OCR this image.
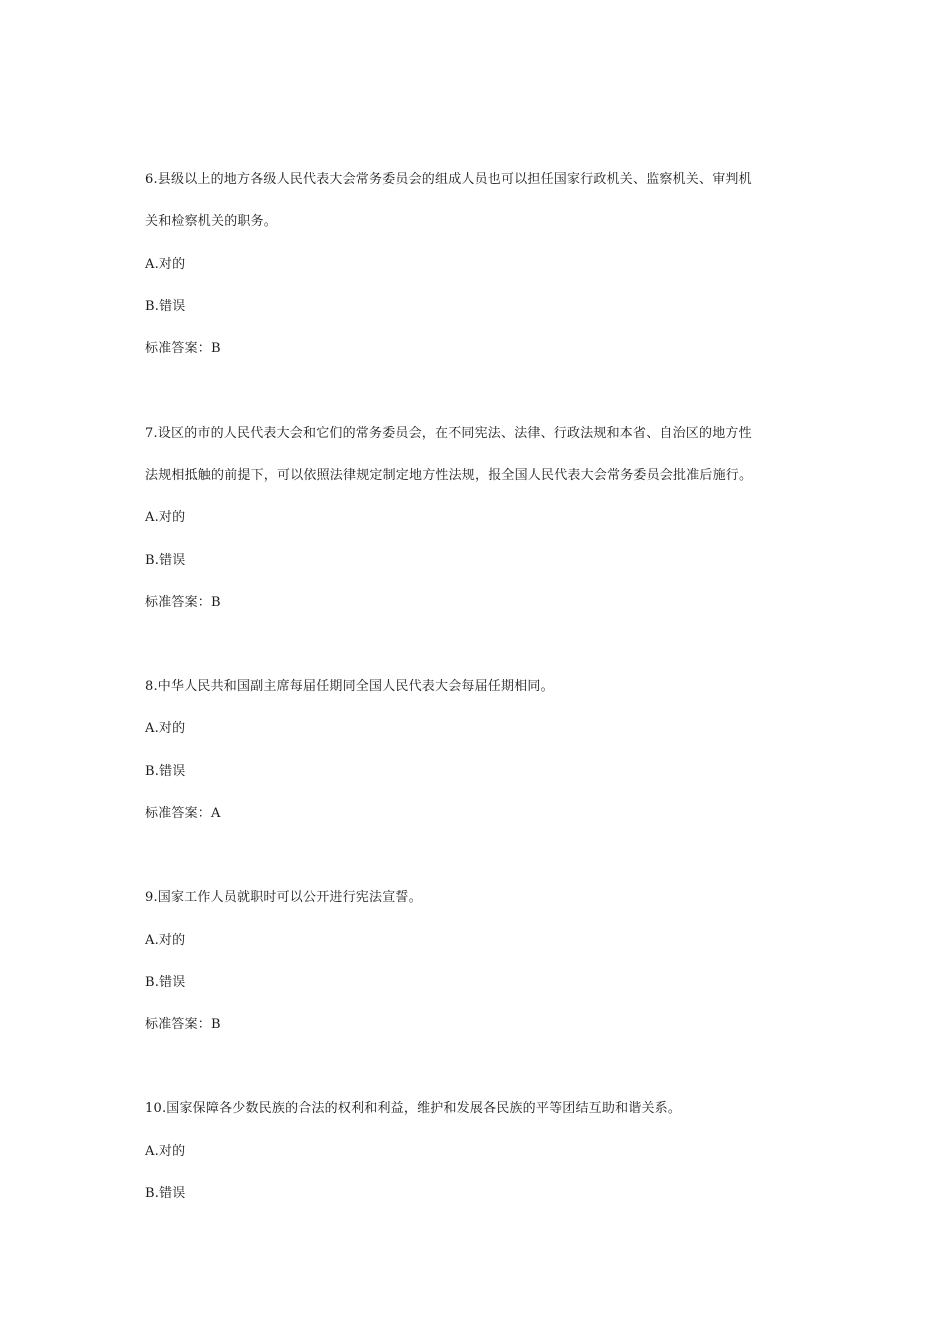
6.县级以上的地方各级人民代表大会常务委员会的组成人员也可以担任国家行政机关、监察机关、审判机
关和检察机关的职务。
A.对的
B.错误
标准答案：B
7.设区的市的人民代表大会和它们的常务委员会，在不同宪法、法律、行政法规和本省、自治区的地方性
法规相抵触的前提下，可以依照法律规定制定地方性法规，报全国人民代表大会常务委员会批准后施行。
A.对的
B.错误
标准答案：B
8.中华人民共和国副主席每届任期同全国人民代表大会每届任期相同。
A.对的
B.错误
标准答案：A
9.国家工作人员就职时可以公开进行宪法宣誓。
A.对的
B.错误
标准答案：B
10.国家保障各少数民族的合法的权利和利益，维护和发展各民族的平等团结互助和谐关系。
A.对的
B.错误
